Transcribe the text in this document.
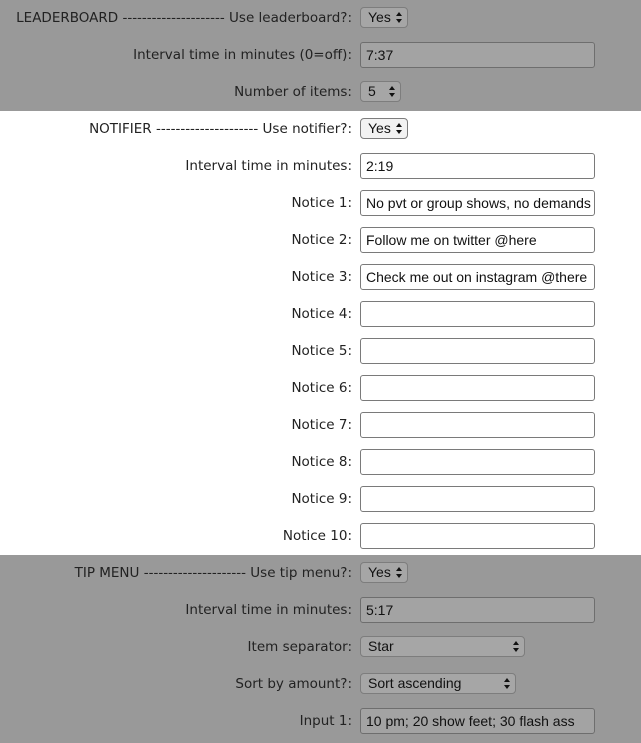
LEADERBOARD --------------------- Use leaderboard?:	Yes
Interval time in minutes (0=off):	7:37
Number of items:	5
NOTIFIER --------------------- Use notifier?:	Yes
Interval time in minutes:	2:19
Notice 1:	No pvt or group shows, no demands
Notice 2:	Follow me on twitter @here
Notice 3:	Check me out on instagram @there
Notice 4:
Notice 5:
Notice 6:
Notice 7:
Notice 8:
Notice 9:
Notice 10:
TIP MENU --------------------- Use tip menu?:	Yes
Interval time in minutes:	5:17
Item separator:	Star
Sort by amount?:	Sort ascending
Input 1:	10 pm; 20 show feet; 30 flash ass
